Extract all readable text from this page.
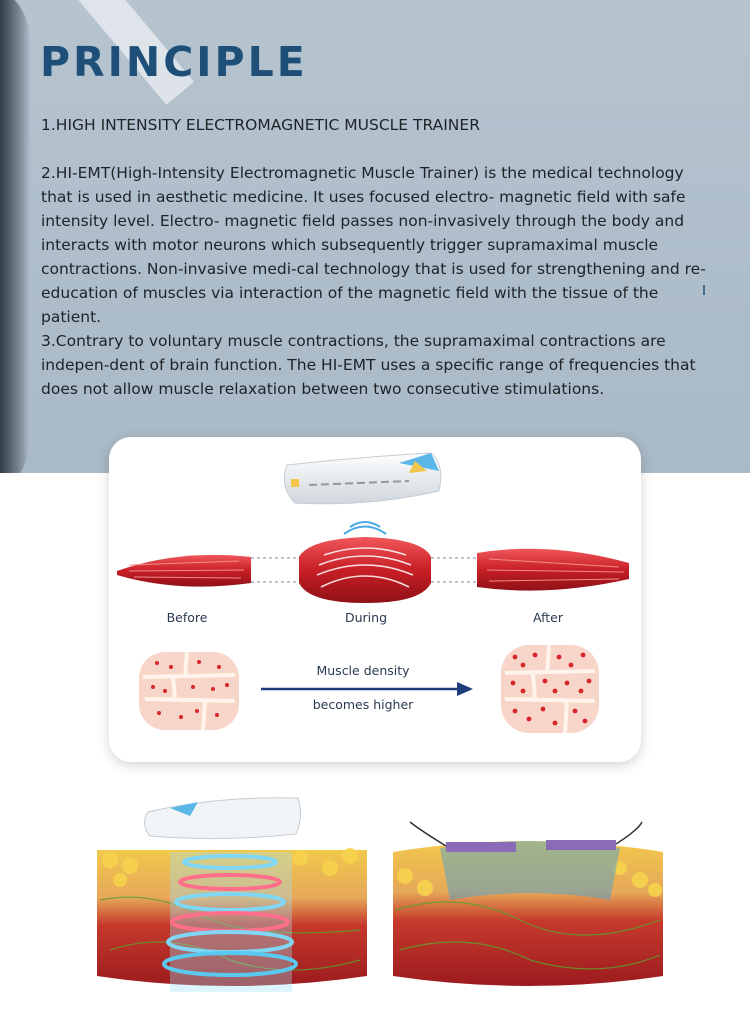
PRINCIPLE

1.HIGH INTENSITY ELECTROMAGNETIC MUSCLE TRAINER

2.HI-EMT(High-Intensity Electromagnetic Muscle Trainer) is the medical technology that is used in aesthetic medicine. It uses focused electro- magnetic field with safe intensity level. Electro- magnetic field passes non-invasively through the body and interacts with motor neurons which subsequently trigger supramaximal muscle contractions. Non-invasive medi-cal technology that is used for strengthening and re-education of muscles via interaction of the magnetic field with the tissue of the patient.

3.Contrary to voluntary muscle contractions, the supramaximal contractions are indepen-dent of brain function. The HI-EMT uses a specific range of frequencies that does not allow muscle relaxation between two consecutive stimulations.

Before	During	After
Muscle density
becomes higher
